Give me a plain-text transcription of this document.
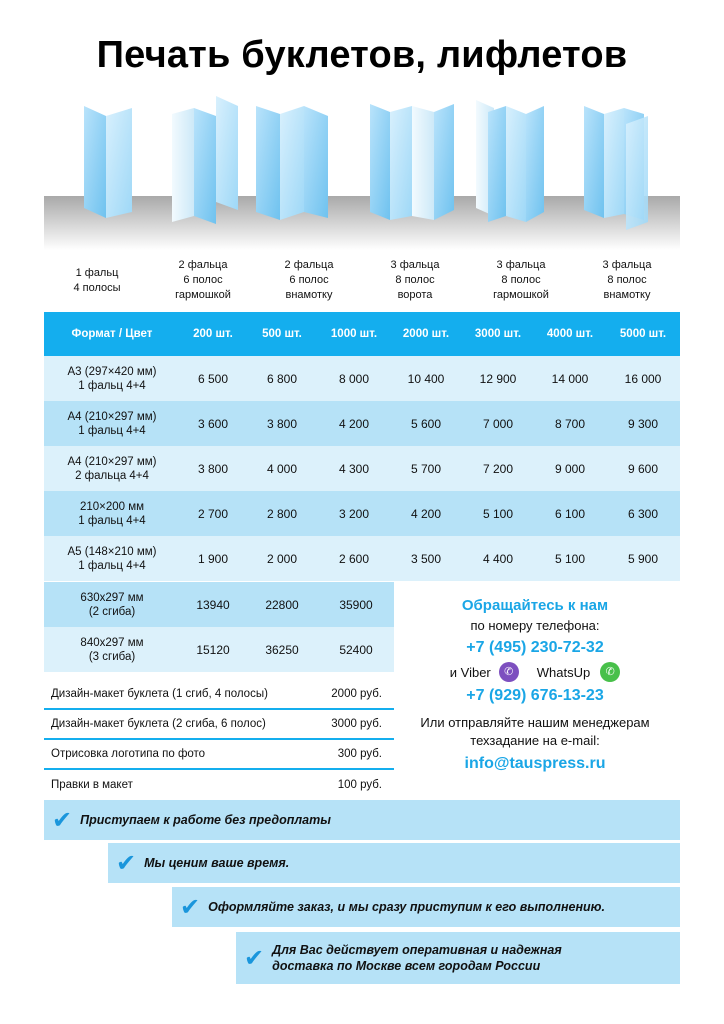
Печать буклетов, лифлетов
1 фальц
4 полосы
2 фальца
6 полос
гармошкой
2 фальца
6 полос
внамотку
3 фальца
8 полос
ворота
3 фальца
8 полос
гармошкой
3 фальца
8 полос
внамотку
Формат / Цвет	200 шт.	500 шт.	1000 шт.	2000 шт.	3000 шт.	4000 шт.	5000 шт.

А3 (297×420 мм)
1 фальц 4+4	6 500	6 800	8 000	10 400	12 900	14 000	16 000

А4 (210×297 мм)
1 фальц 4+4	3 600	3 800	4 200	5 600	7 000	8 700	9 300

А4 (210×297 мм)
2 фальца 4+4	3 800	4 000	4 300	5 700	7 200	9 000	9 600

210×200 мм
1 фальц 4+4	2 700	2 800	3 200	4 200	5 100	6 100	6 300

А5 (148×210 мм)
1 фальц 4+4	1 900	2 000	2 600	3 500	4 400	5 100	5 900
630х297 мм
(2 сгиба)	13940	22800	35900

840х297 мм
(3 сгиба)	15120	36250	52400
Дизайн-макет буклета (1 сгиб, 4 полосы)	2000 руб.
Дизайн-макет буклета (2 сгиба, 6 полос)	3000 руб.
Отрисовка логотипа по фото	300 руб.
Правки в макет	100 руб.
Обращайтесь к нам
по номеру телефона:
+7 (495) 230-72-32
и Viber	✆	WhatsUp	✆
+7 (929) 676-13-23
Или отправляйте нашим менеджерам
техзадание на e-mail:
info@tauspress.ru
✔ Приступаем к работе без предоплаты
✔ Мы ценим ваше время.
✔ Оформляйте заказ, и мы сразу приступим к его выполнению.
✔ Для Вас действует оперативная и надежная
доставка по Москве всем городам России
